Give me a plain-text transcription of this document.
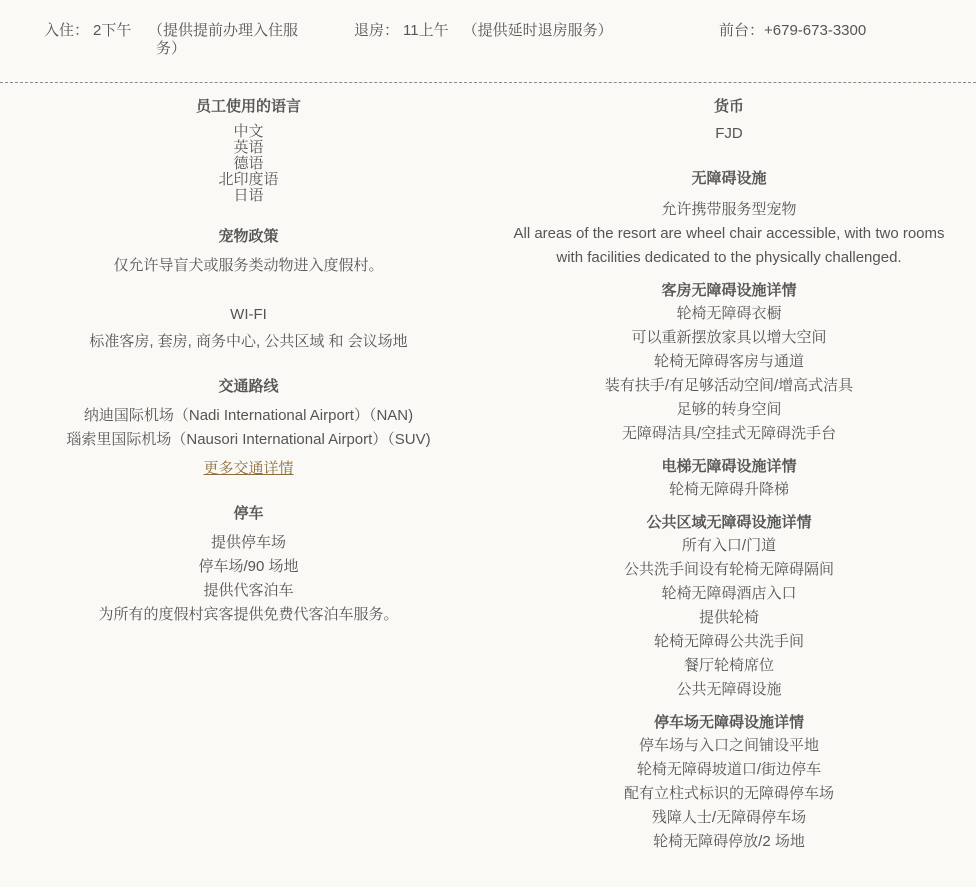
入住： 2下午 （提供提前办理入住服
务）
退房： 11上午 （提供延时退房服务）	前台：+679-673-3300
员工使用的语言
中文
英语
德语
北印度语
日语
宠物政策
仅允许导盲犬或服务类动物进入度假村。
WI-FI
标准客房, 套房, 商务中心, 公共区域 和 会议场地
交通路线
纳迪国际机场（Nadi International Airport）（NAN)
瑙索里国际机场（Nausori International Airport）（SUV)
更多交通详情
停车
提供停车场
停车场/90 场地
提供代客泊车
为所有的度假村宾客提供免费代客泊车服务。
货币
FJD
无障碍设施
允许携带服务型宠物
All areas of the resort are wheel chair accessible, with two rooms
with facilities dedicated to the physically challenged.
客房无障碍设施详情
轮椅无障碍衣橱
可以重新摆放家具以增大空间
轮椅无障碍客房与通道
装有扶手/有足够活动空间/增高式洁具
足够的转身空间
无障碍洁具/空挂式无障碍洗手台
电梯无障碍设施详情
轮椅无障碍升降梯
公共区域无障碍设施详情
所有入口/门道
公共洗手间设有轮椅无障碍隔间
轮椅无障碍酒店入口
提供轮椅
轮椅无障碍公共洗手间
餐厅轮椅席位
公共无障碍设施
停车场无障碍设施详情
停车场与入口之间铺设平地
轮椅无障碍坡道口/街边停车
配有立柱式标识的无障碍停车场
残障人士/无障碍停车场
轮椅无障碍停放/2 场地
